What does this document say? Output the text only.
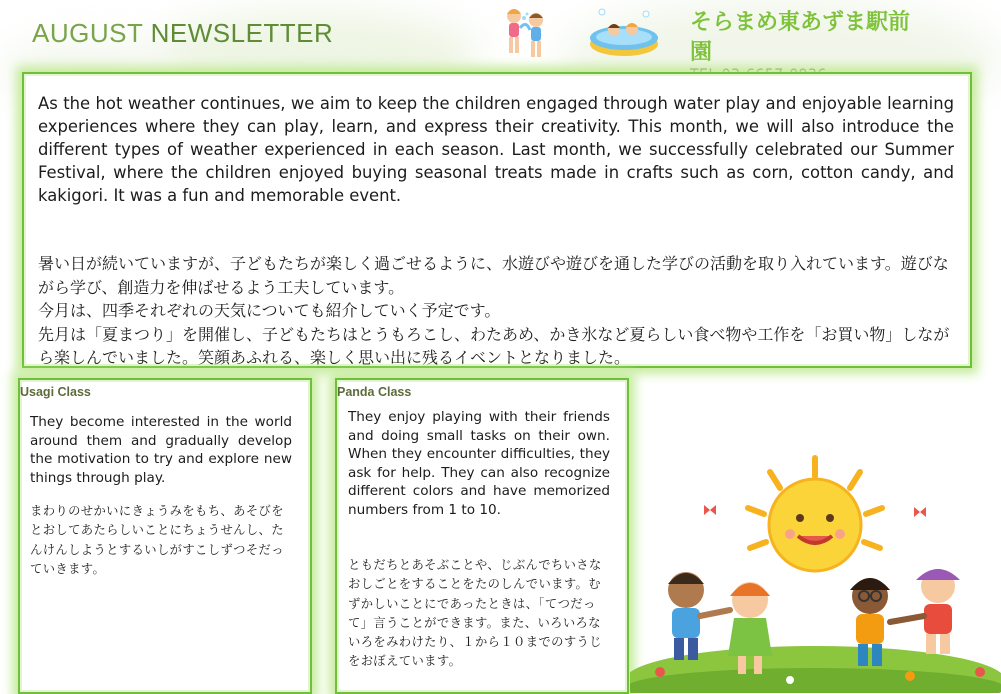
AUGUST NEWSLETTER	そらまめ東あずま駅前園

As the hot weather continues, we aim to keep the children engaged through water play and enjoyable learning experiences where they can play, learn, and express their creativity. This month, we will also introduce the different types of weather experienced in each season. Last month, we successfully celebrated our Summer Festival, where the children enjoyed buying seasonal treats made in crafts such as corn, cotton candy, and kakigori. It was a fun and memorable event.

暑い日が続いていますが、子どもたちが楽しく過ごせるように、水遊びや遊びを通した学びの活動を取り入れています。遊びながら学び、創造力を伸ばせるよう工夫しています。
今月は、四季それぞれの天気についても紹介していく予定です。
先月は「夏まつり」を開催し、子どもたちはとうもろこし、わたあめ、かき氷など夏らしい食べ物や工作を「お買い物」しながら楽しんでいました。笑顔あふれる、楽しく思い出に残るイベントとなりました。
Usagi Class

They become interested in the world around them and gradually develop the motivation to try and explore new things through play.

まわりのせかいにきょうみをもち、あそびをとおしてあたらしいことにちょうせんし、たんけんしようとするいしがすこしずつそだっていきます。

Panda Class

They enjoy playing with their friends and doing small tasks on their own. When they encounter difficulties, they ask for help. They can also recognize different colors and have memorized numbers from 1 to 10.

ともだちとあそぶことや、じぶんでちいさなおしごとをすることをたのしんでいます。むずかしいことにであったときは、「てつだって」言うことができます。また、いろいろないろをみわけたり、１から１０までのすうじをおぼえています。
